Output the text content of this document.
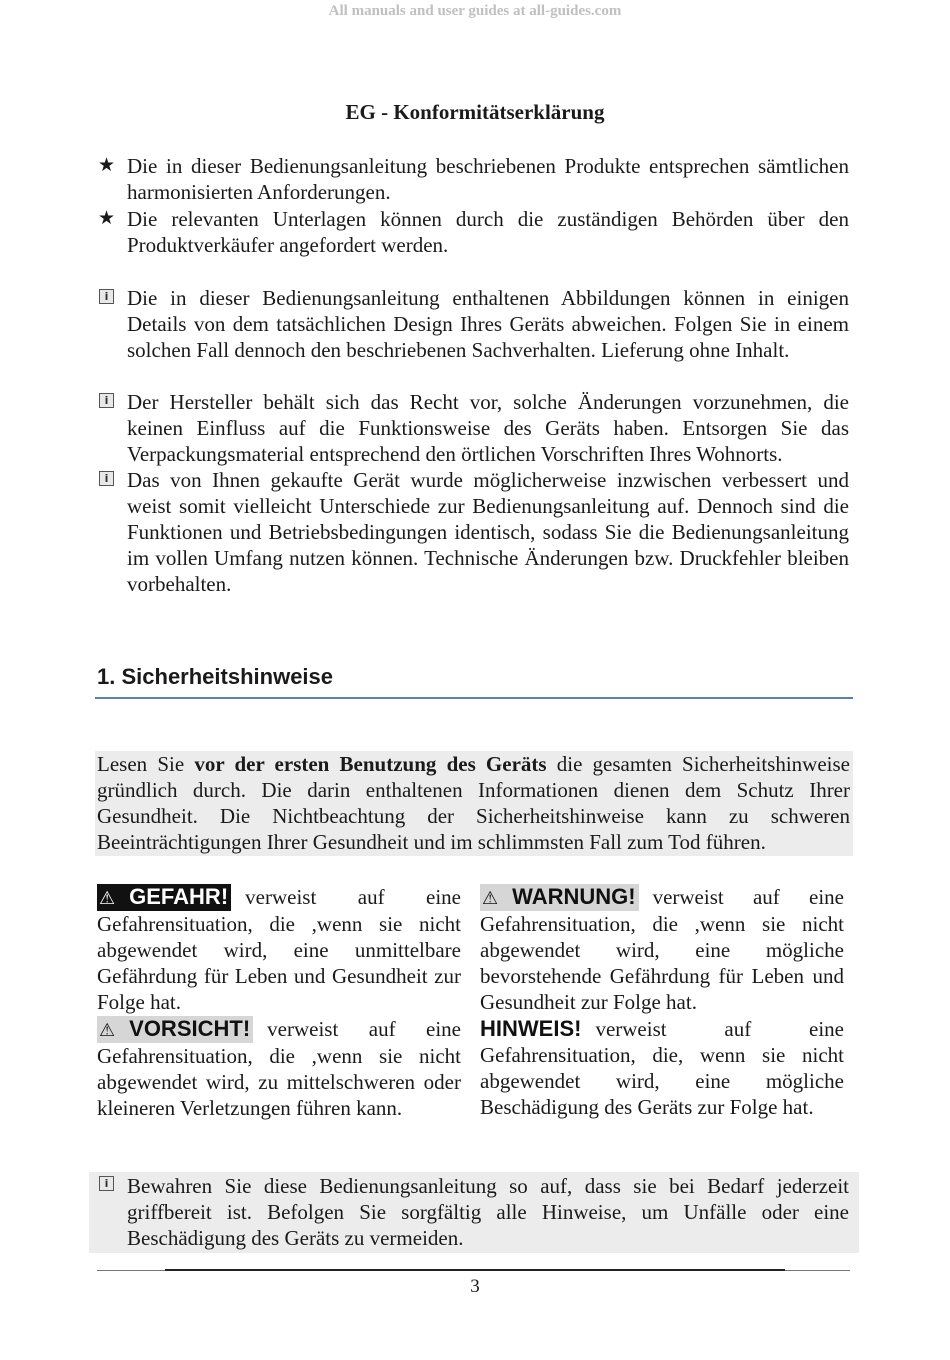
All manuals and user guides at all-guides.com
EG - Konformitätserklärung
★ Die in dieser Bedienungsanleitung beschriebenen Produkte entsprechen sämtlichen harmonisierten Anforderungen.
★ Die relevanten Unterlagen können durch die zuständigen Behörden über den Produktverkäufer angefordert werden.
i Die in dieser Bedienungsanleitung enthaltenen Abbildungen können in einigen Details von dem tatsächlichen Design Ihres Geräts abweichen. Folgen Sie in einem solchen Fall dennoch den beschriebenen Sachverhalten. Lieferung ohne Inhalt.
i Der Hersteller behält sich das Recht vor, solche Änderungen vorzunehmen, die keinen Einfluss auf die Funktionsweise des Geräts haben. Entsorgen Sie das Verpackungsmaterial entsprechend den örtlichen Vorschriften Ihres Wohnorts.
i Das von Ihnen gekaufte Gerät wurde möglicherweise inzwischen verbessert und weist somit vielleicht Unterschiede zur Bedienungsanleitung auf. Dennoch sind die Funktionen und Betriebsbedingungen identisch, sodass Sie die Bedienungsanleitung im vollen Umfang nutzen können. Technische Änderungen bzw. Druckfehler bleiben vorbehalten.
1. Sicherheitshinweise
Lesen Sie vor der ersten Benutzung des Geräts die gesamten Sicherheitshinweise gründlich durch. Die darin enthaltenen Informationen dienen dem Schutz Ihrer Gesundheit. Die Nichtbeachtung der Sicherheitshinweise kann zu schweren Beeinträchtigungen Ihrer Gesundheit und im schlimmsten Fall zum Tod führen.
⚠ GEFAHR! verweist auf eine Gefahrensituation, die ,wenn sie nicht abgewendet wird, eine unmittelbare Gefährdung für Leben und Gesundheit zur Folge hat.
⚠ WARNUNG! verweist auf eine Gefahrensituation, die ,wenn sie nicht abgewendet wird, eine mögliche bevorstehende Gefährdung für Leben und Gesundheit zur Folge hat.
⚠ VORSICHT! verweist auf eine Gefahrensituation, die ,wenn sie nicht abgewendet wird, zu mittelschweren oder kleineren Verletzungen führen kann.
HINWEIS! verweist auf eine Gefahrensituation, die, wenn sie nicht abgewendet wird, eine mögliche Beschädigung des Geräts zur Folge hat.
i Bewahren Sie diese Bedienungsanleitung so auf, dass sie bei Bedarf jederzeit griffbereit ist. Befolgen Sie sorgfältig alle Hinweise, um Unfälle oder eine Beschädigung des Geräts zu vermeiden.
3
